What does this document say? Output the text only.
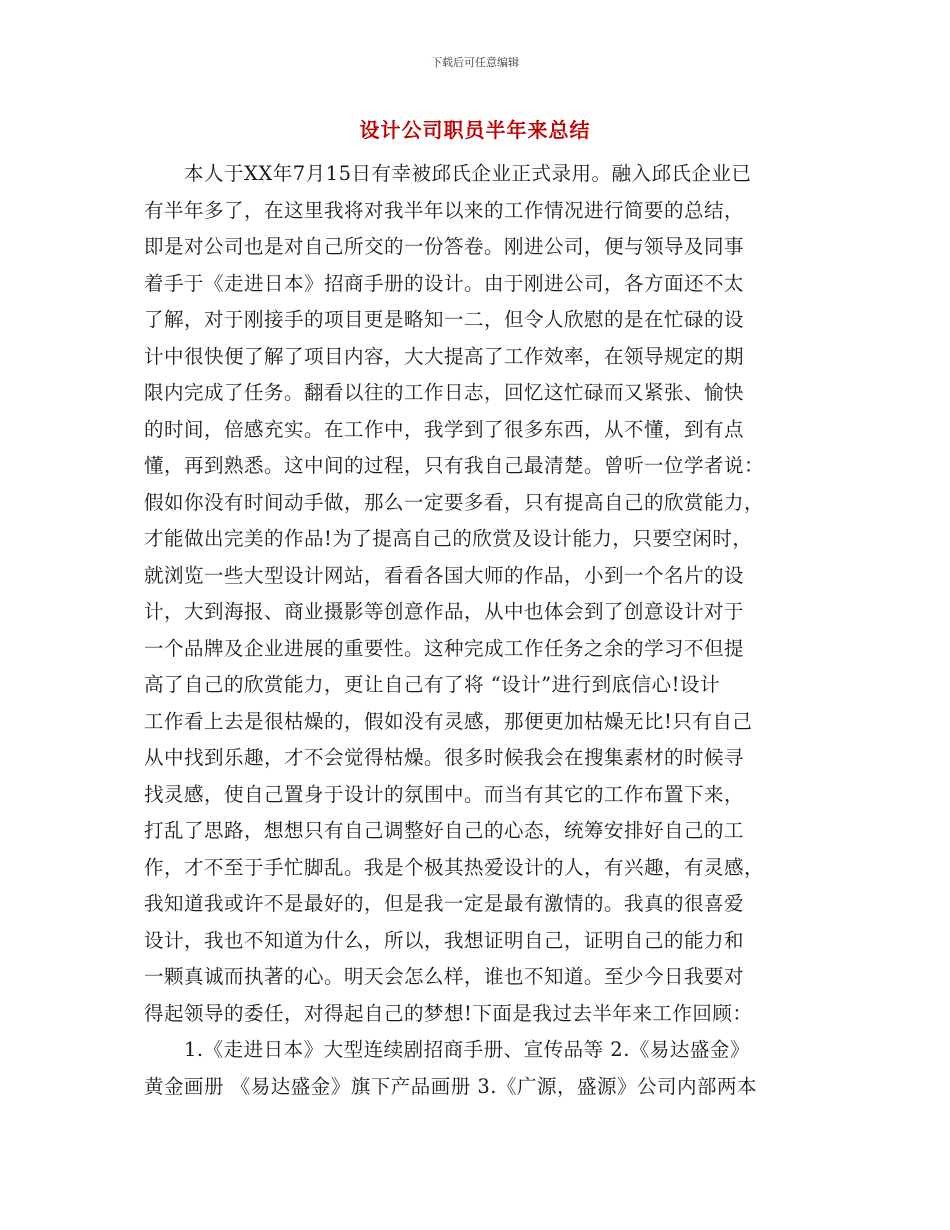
下载后可任意编辑
设计公司职员半年来总结
　　本人于XX年7月15日有幸被邱氏企业正式录用。融入邱氏企业已
有半年多了，在这里我将对我半年以来的工作情况进行简要的总结，
即是对公司也是对自己所交的一份答卷。刚进公司，便与领导及同事
着手于《走进日本》招商手册的设计。由于刚进公司，各方面还不太
了解，对于刚接手的项目更是略知一二，但令人欣慰的是在忙碌的设
计中很快便了解了项目内容，大大提高了工作效率，在领导规定的期
限内完成了任务。翻看以往的工作日志，回忆这忙碌而又紧张、愉快
的时间，倍感充实。在工作中，我学到了很多东西，从不懂，到有点
懂，再到熟悉。这中间的过程，只有我自己最清楚。曾听一位学者说：
假如你没有时间动手做，那么一定要多看，只有提高自己的欣赏能力，
才能做出完美的作品!为了提高自己的欣赏及设计能力，只要空闲时，
就浏览一些大型设计网站，看看各国大师的作品，小到一个名片的设
计，大到海报、商业摄影等创意作品，从中也体会到了创意设计对于
一个品牌及企业进展的重要性。这种完成工作任务之余的学习不但提
高了自己的欣赏能力，更让自己有了将 “设计”进行到底信心!设计
工作看上去是很枯燥的，假如没有灵感，那便更加枯燥无比!只有自己
从中找到乐趣，才不会觉得枯燥。很多时候我会在搜集素材的时候寻
找灵感，使自己置身于设计的氛围中。而当有其它的工作布置下来，
打乱了思路，想想只有自己调整好自己的心态，统筹安排好自己的工
作，才不至于手忙脚乱。我是个极其热爱设计的人，有兴趣，有灵感，
我知道我或许不是最好的，但是我一定是最有激情的。我真的很喜爱
设计，我也不知道为什么，所以，我想证明自己，证明自己的能力和
一颗真诚而执著的心。明天会怎么样，谁也不知道。至少今日我要对
得起领导的委任，对得起自己的梦想!下面是我过去半年来工作回顾：
　　1.《走进日本》大型连续剧招商手册、宣传品等 2.《易达盛金》
黄金画册 《易达盛金》旗下产品画册 3.《广源，盛源》公司内部两本
